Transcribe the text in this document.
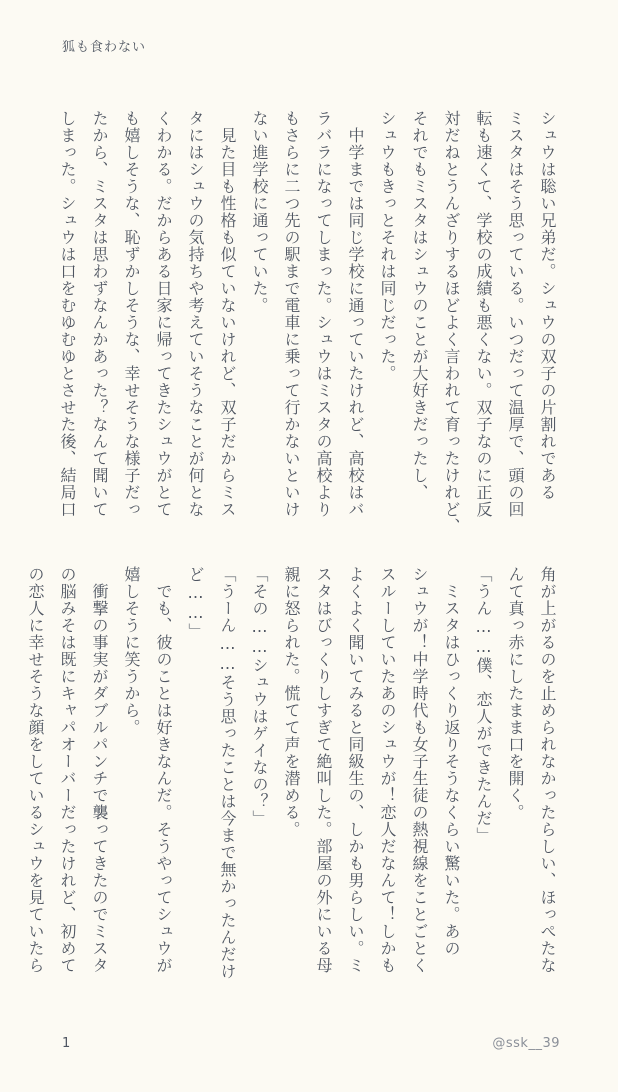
狐も食わない
シュウは聡い兄弟だ。シュウの双子の片割れである
ミスタはそう思っている。いつだって温厚で、頭の回
転も速くて、学校の成績も悪くない。双子なのに正反
対だねとうんざりするほどよく言われて育ったけれど、
それでもミスタはシュウのことが大好きだったし、
シュウもきっとそれは同じだった。
　中学までは同じ学校に通っていたけれど、高校はバ
ラバラになってしまった。シュウはミスタの高校より
もさらに二つ先の駅まで電車に乗って行かないといけ
ない進学校に通っていた。
　見た目も性格も似ていないけれど、双子だからミス
タにはシュウの気持ちや考えていそうなことが何とな
くわかる。だからある日家に帰ってきたシュウがとて
も嬉しそうな、恥ずかしそうな、幸せそうな様子だっ
たから、ミスタは思わずなんかあった？なんて聞いて
しまった。シュウは口をむゆむゆとさせた後、結局口
角が上がるのを止められなかったらしい、ほっぺたな
んて真っ赤にしたまま口を開く。
「うん……僕、恋人ができたんだ」
　ミスタはひっくり返りそうなくらい驚いた。あの
シュウが！中学時代も女子生徒の熱視線をことごとく
スルーしていたあのシュウが！恋人だなんて！しかも
よくよく聞いてみると同級生の、しかも男らしい。ミ
スタはびっくりしすぎて絶叫した。部屋の外にいる母
親に怒られた。慌てて声を潜める。
「その……シュウはゲイなの？」
「うーん……そう思ったことは今まで無かったんだけ
ど……」
　でも、彼のことは好きなんだ。そうやってシュウが
嬉しそうに笑うから。
　衝撃の事実がダブルパンチで襲ってきたのでミスタ
の脳みそは既にキャパオーバーだったけれど、初めて
の恋人に幸せそうな顔をしているシュウを見ていたら
1	@ssk__39
